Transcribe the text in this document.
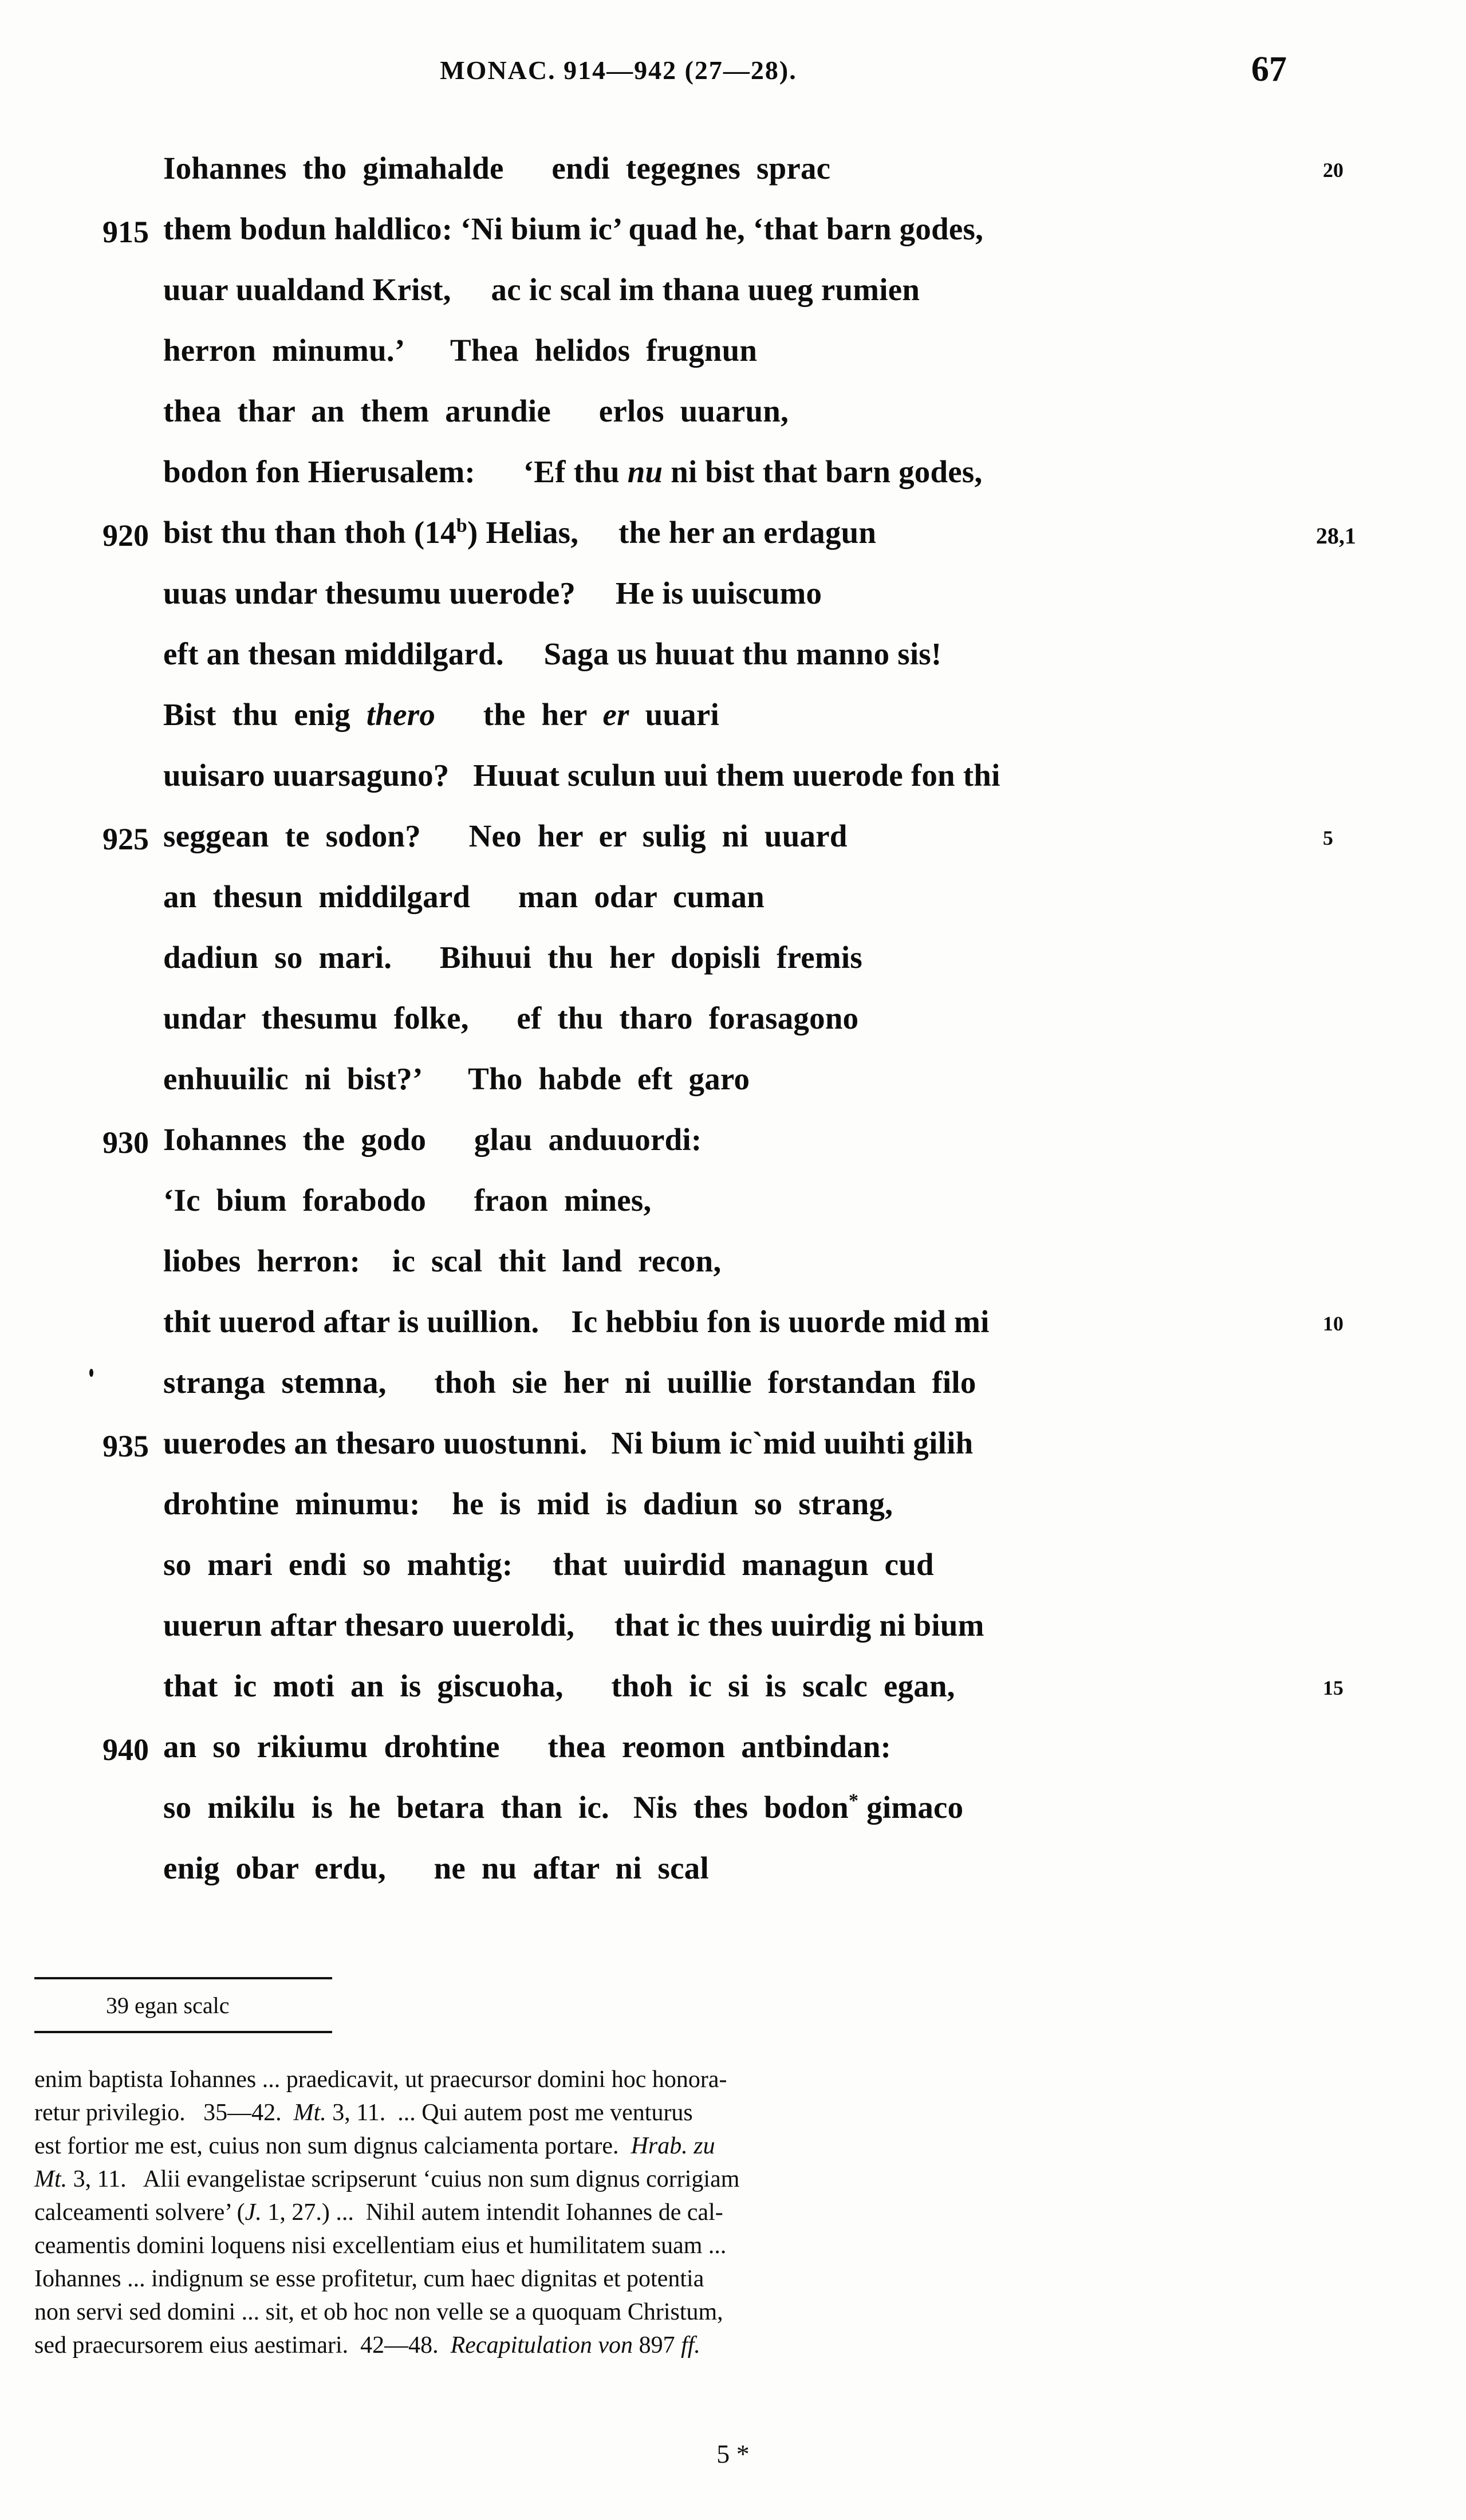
MONAC. 914—942 (27—28).	67
Iohannes  tho  gimahalde      endi  tegegnes  sprac	20
915 them bodun haldlico: ‘Ni bium ic’ quad he, ‘that barn godes,
uuar uualdand Krist,     ac ic scal im thana uueg rumien
herron  minumu.’      Thea  helidos  frugnun
thea  thar  an  them  arundie      erlos  uuarun,
bodon fon Hierusalem:      ‘Ef thu nu ni bist that barn godes,
920 bist thu than thoh (14$^b$) Helias,     the her an erdagun	28,1
uuas undar thesumu uuerode?     He is uuiscumo
eft an thesan middilgard.     Saga us huuat thu manno sis!
Bist  thu  enig  thero      the  her  er  uuari
uuisaro uuarsaguno?   Huuat sculun uui them uuerode fon thi
925 seggean  te  sodon?      Neo  her  er  sulig  ni  uuard	5
an  thesun  middilgard      man  odar  cuman
dadiun  so  mari.      Bihuui  thu  her  dopisli  fremis
undar  thesumu  folke,      ef  thu  tharo  forasagono
enhuuilic  ni  bist?’      Tho  habde  eft  garo
930 Iohannes  the  godo      glau  anduuordi:
‘Ic  bium  forabodo      fraon  mines,
liobes  herron:    ic  scal  thit  land  recon,
thit uuerod aftar is uuillion.    Ic hebbiu fon is uuorde mid mi	10
stranga  stemna,      thoh  sie  her  ni  uuillie  forstandan  filo
935 uuerodes an thesaro uuostunni.   Ni bium ic`mid uuihti gilih
drohtine  minumu:    he  is  mid  is  dadiun  so  strang,
so  mari  endi  so  mahtig:     that  uuirdid  managun  cud
uuerun aftar thesaro uueroldi,     that ic thes uuirdig ni bium
that  ic  moti  an  is  giscuoha,      thoh  ic  si  is  scalc  egan,	15
940 an  so  rikiumu  drohtine      thea  reomon  antbindan:
so  mikilu  is  he  betara  than  ic.   Nis  thes  bodon* gimaco
enig  obar  erdu,      ne  nu  aftar  ni  scal
39 egan scalc
enim baptista Iohannes ... praedicavit, ut praecursor domini hoc honora-
retur privilegio.   35—42.  Mt. 3, 11.  ... Qui autem post me venturus
est fortior me est, cuius non sum dignus calciamenta portare.  Hrab. zu
Mt. 3, 11.   Alii evangelistae scripserunt ‘cuius non sum dignus corrigiam
calceamenti solvere’ (J. 1, 27.) ...  Nihil autem intendit Iohannes de cal-
ceamentis domini loquens nisi excellentiam eius et humilitatem suam ...
Iohannes ... indignum se esse profitetur, cum haec dignitas et potentia
non servi sed domini ... sit, et ob hoc non velle se a quoquam Christum,
sed praecursorem eius aestimari.  42—48.  Recapitulation von 897 ff.
5 *
